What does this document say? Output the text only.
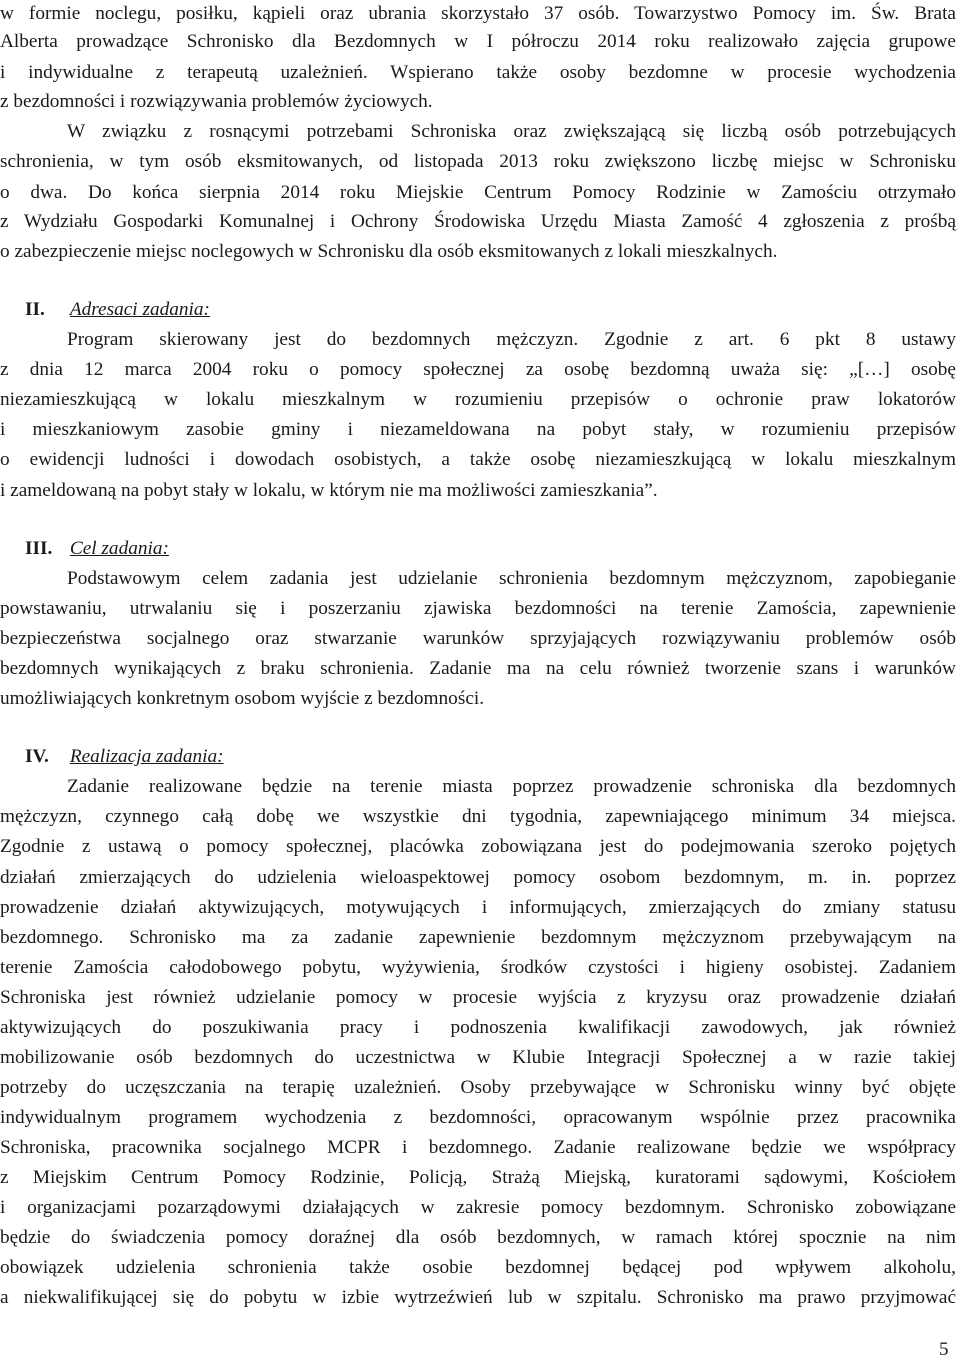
w formie noclegu, posiłku, kąpieli oraz ubrania skorzystało 37 osób. Towarzystwo Pomocy im. Św. Brata
Alberta prowadzące Schronisko dla Bezdomnych w I półroczu 2014 roku realizowało zajęcia grupowe
i indywidualne z terapeutą uzależnień. Wspierano także osoby bezdomne w procesie wychodzenia
z bezdomności i rozwiązywania problemów życiowych.
W związku z rosnącymi potrzebami Schroniska oraz zwiększającą się liczbą osób potrzebujących
schronienia, w tym osób eksmitowanych, od listopada 2013 roku zwiększono liczbę miejsc w Schronisku
o dwa. Do końca sierpnia 2014 roku Miejskie Centrum Pomocy Rodzinie w Zamościu otrzymało
z Wydziału Gospodarki Komunalnej i Ochrony Środowiska Urzędu Miasta Zamość 4 zgłoszenia z prośbą
o zabezpieczenie miejsc noclegowych w Schronisku dla osób eksmitowanych z lokali mieszkalnych.
II. Adresaci zadania:
Program skierowany jest do bezdomnych mężczyzn. Zgodnie z art. 6 pkt 8 ustawy
z dnia 12 marca 2004 roku o pomocy społecznej za osobę bezdomną uważa się: „[…] osobę
niezamieszkującą w lokalu mieszkalnym w rozumieniu przepisów o ochronie praw lokatorów
i mieszkaniowym zasobie gminy i niezameldowana na pobyt stały, w rozumieniu przepisów
o ewidencji ludności i dowodach osobistych, a także osobę niezamieszkującą w lokalu mieszkalnym
i zameldowaną na pobyt stały w lokalu, w którym nie ma możliwości zamieszkania”.
III. Cel zadania:
Podstawowym celem zadania jest udzielanie schronienia bezdomnym mężczyznom, zapobieganie
powstawaniu, utrwalaniu się i poszerzaniu zjawiska bezdomności na terenie Zamościa, zapewnienie
bezpieczeństwa socjalnego oraz stwarzanie warunków sprzyjających rozwiązywaniu problemów osób
bezdomnych wynikających z braku schronienia. Zadanie ma na celu również tworzenie szans i warunków
umożliwiających konkretnym osobom wyjście z bezdomności.
IV. Realizacja zadania:
Zadanie realizowane będzie na terenie miasta poprzez prowadzenie schroniska dla bezdomnych
mężczyzn, czynnego całą dobę we wszystkie dni tygodnia, zapewniającego minimum 34 miejsca.
Zgodnie z ustawą o pomocy społecznej, placówka zobowiązana jest do podejmowania szeroko pojętych
działań zmierzających do udzielenia wieloaspektowej pomocy osobom bezdomnym, m. in. poprzez
prowadzenie działań aktywizujących, motywujących i informujących, zmierzających do zmiany statusu
bezdomnego. Schronisko ma za zadanie zapewnienie bezdomnym mężczyznom przebywającym na
terenie Zamościa całodobowego pobytu, wyżywienia, środków czystości i higieny osobistej. Zadaniem
Schroniska jest również udzielanie pomocy w procesie wyjścia z kryzysu oraz prowadzenie działań
aktywizujących do poszukiwania pracy i podnoszenia kwalifikacji zawodowych, jak również
mobilizowanie osób bezdomnych do uczestnictwa w Klubie Integracji Społecznej a w razie takiej
potrzeby do uczęszczania na terapię uzależnień. Osoby przebywające w Schronisku winny być objęte
indywidualnym programem wychodzenia z bezdomności, opracowanym wspólnie przez pracownika
Schroniska, pracownika socjalnego MCPR i bezdomnego. Zadanie realizowane będzie we współpracy
z Miejskim Centrum Pomocy Rodzinie, Policją, Strażą Miejską, kuratorami sądowymi, Kościołem
i organizacjami pozarządowymi działających w zakresie pomocy bezdomnym. Schronisko zobowiązane
będzie do świadczenia pomocy doraźnej dla osób bezdomnych, w ramach której spocznie na nim
obowiązek udzielenia schronienia także osobie bezdomnej będącej pod wpływem alkoholu,
a niekwalifikującej się do pobytu w izbie wytrzeźwień lub w szpitalu. Schronisko ma prawo przyjmować
5
